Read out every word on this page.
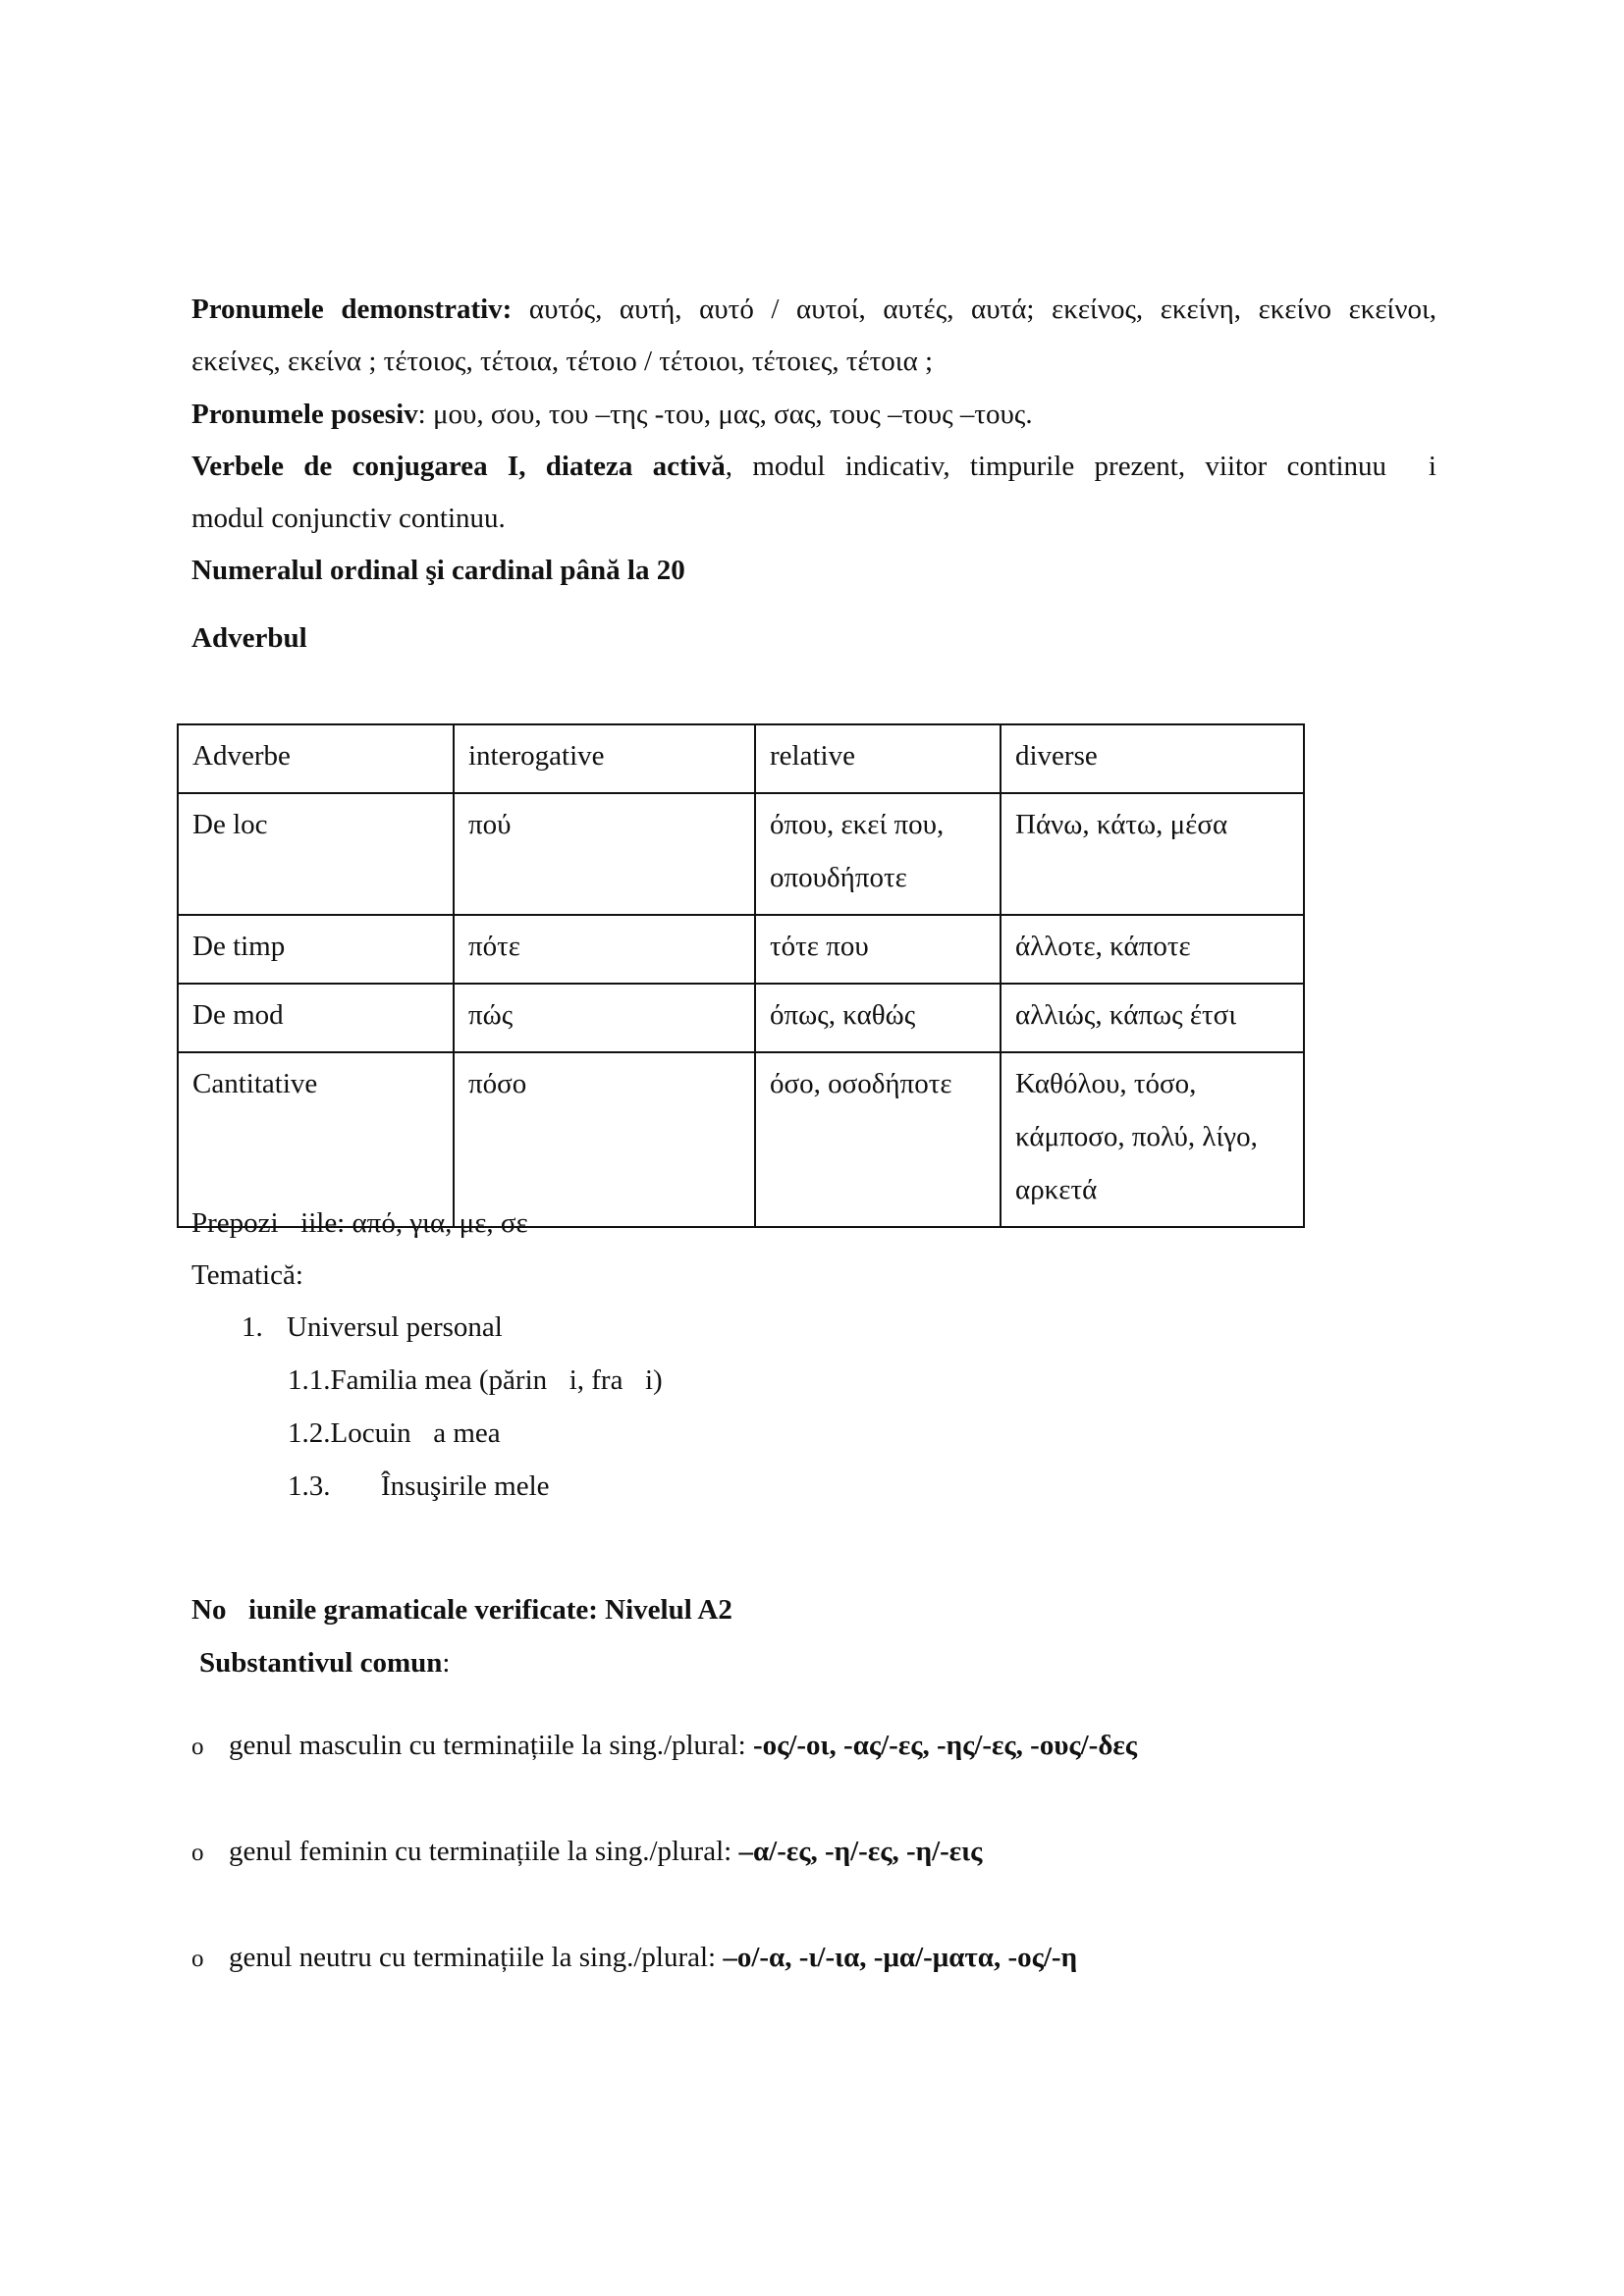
Pronumele demonstrativ: αυτός, αυτή, αυτό / αυτοί, αυτές, αυτά; εκείνος, εκείνη, εκείνο εκείνοι,
εκείνες, εκείνα ; τέτοιος, τέτοια, τέτοιο / τέτοιοι, τέτοιες, τέτοια ;
Pronumele posesiv: μου, σου, του –της -του, μας, σας, τους –τους –τους.
Verbele de conjugarea I, diateza activă, modul indicativ, timpurile prezent, viitor continuu  i
modul conjunctiv continuu.
Numeralul ordinal şi cardinal până la 20
Adverbul
Adverbe	interogative	relative	diverse
De loc	πού	όπου, εκεί που, οπουδήποτε	Πάνω, κάτω, μέσα
De timp	πότε	τότε που	άλλοτε, κάποτε
De mod	πώς	όπως, καθώς	αλλιώς, κάπως έτσι
Cantitative	πόσο	όσο, οσοδήποτε	Καθόλου, τόσο, κάμποσο, πολύ, λίγο, αρκετά
Prepozi iile: από, για, με, σε
Tematică:
1. Universul personal
1.1.Familia mea (părin i, fra i)
1.2.Locuin a mea
1.3. Însuşirile mele
No iunile gramaticale verificate: Nivelul A2
Substantivul comun:
o genul masculin cu terminațiile la sing./plural: -ος/-οι, -ας/-ες, -ης/-ες, -ους/-δες
o genul feminin cu terminațiile la sing./plural: –α/-ες, -η/-ες, -η/-εις
o genul neutru cu terminațiile la sing./plural: –ο/-α, -ι/-ια, -μα/-ματα, -ος/-η
